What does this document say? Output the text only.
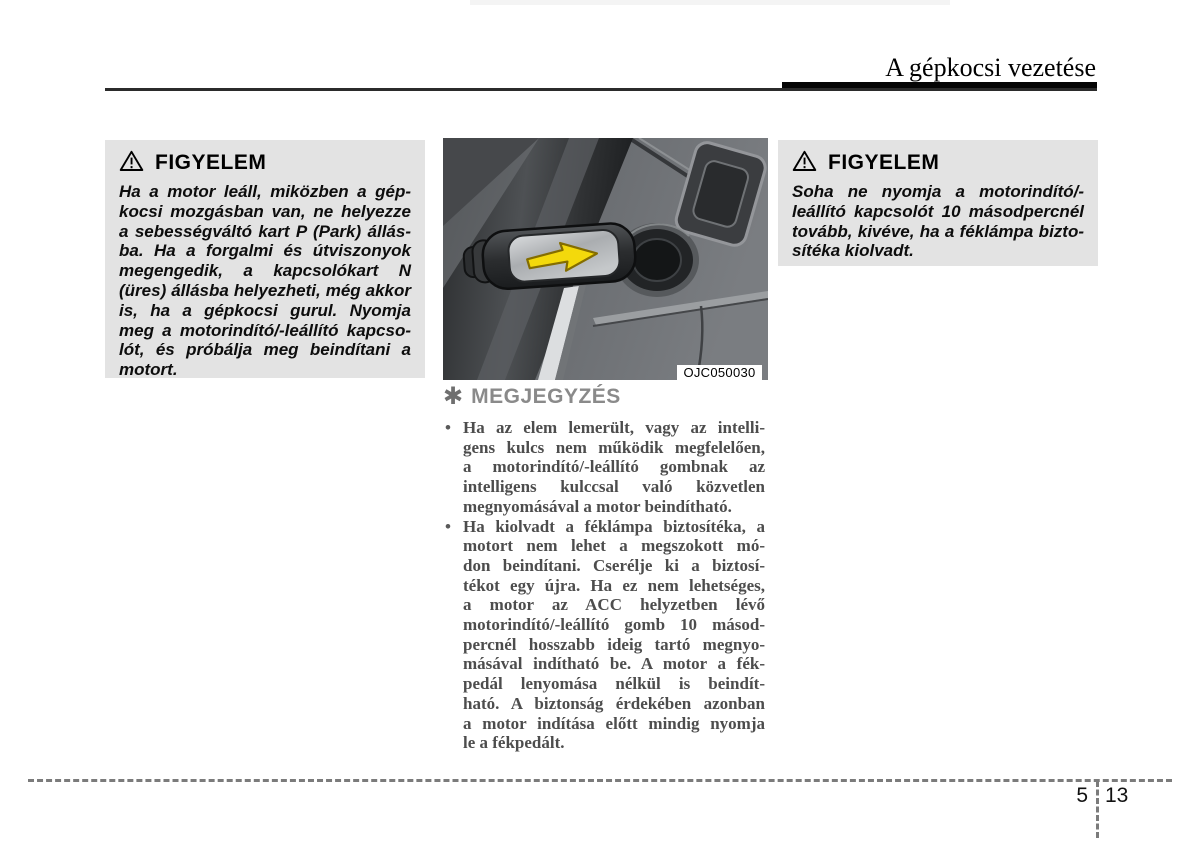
A gépkocsi vezetése
FIGYELEM
Ha a motor leáll, miközben a gép-
kocsi mozgásban van, ne helyezze
a sebességváltó kart P (Park) állás-
ba. Ha a forgalmi és útviszonyok
megengedik, a kapcsolókart N
(üres) állásba helyezheti, még akkor
is, ha a gépkocsi gurul. Nyomja
meg a motorindító/-leállító kapcso-
lót, és próbálja meg beindítani a
motort.	OJC050030
✱ MEGJEGYZÉS
• Ha az elem lemerült, vagy az intelli-
gens kulcs nem működik megfelelően,
a motorindító/-leállító gombnak az
intelligens kulccsal való közvetlen
megnyomásával a motor beindítható.
• Ha kiolvadt a féklámpa biztosítéka, a
motort nem lehet a megszokott mó-
don beindítani. Cserélje ki a biztosí-
tékot egy újra. Ha ez nem lehetséges,
a motor az ACC helyzetben lévő
motorindító/-leállító gomb 10 másod-
percnél hosszabb ideig tartó megnyo-
másával indítható be. A motor a fék-
pedál lenyomása nélkül is beindít-
ható. A biztonság érdekében azonban
a motor indítása előtt mindig nyomja
le a fékpedált.
FIGYELEM
Soha ne nyomja a motorindító/-
leállító kapcsolót 10 másodpercnél
tovább, kivéve, ha a féklámpa bizto-
sítéka kiolvadt.
5 13
